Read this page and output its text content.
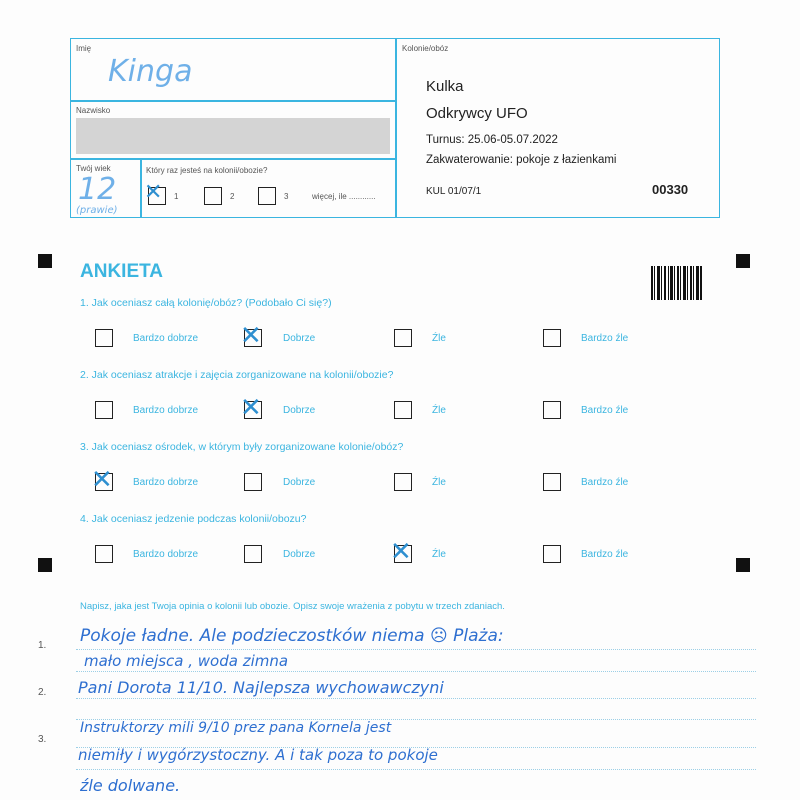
Imię
Kinga
Nazwisko
Twój wiek
12
(prawie)
Który raz jesteś na kolonii/obozie?
✕ 1	2	3	więcej, ile ............
Kolonie/obóz
Kulka
Odkrywcy UFO
Turnus: 25.06-05.07.2022
Zakwaterowanie: pokoje z łazienkami
KUL 01/07/1	00330
ANKIETA
1. Jak oceniasz całą kolonię/obóz? (Podobało Ci się?)
2. Jak oceniasz atrakcje i zajęcia zorganizowane na kolonii/obozie?
3. Jak oceniasz ośrodek, w którym były zorganizowane kolonie/obóz?
4. Jak oceniasz jedzenie podczas kolonii/obozu?
Bardzo dobrze ✕ Dobrze	Źle	Bardzo źle
Bardzo dobrze ✕ Dobrze	Źle	Bardzo źle
✕ Bardzo dobrze	Dobrze	Źle	Bardzo źle
Bardzo dobrze	Dobrze	✕ Źle	Bardzo źle
Napisz, jaka jest Twoja opinia o kolonii lub obozie. Opisz swoje wrażenia z pobytu w trzech zdaniach.
1.
2.
3.
Pokoje ładne. Ale podzieczostków niema ☹ Plaża:
mało miejsca , woda zimna
Pani Dorota 11/10. Najlepsza wychowawczyni
Instruktorzy mili 9/10 prez pana Kornela jest
niemiły i wygórzystoczny. A i tak poza to pokoje
źle dolwane.
